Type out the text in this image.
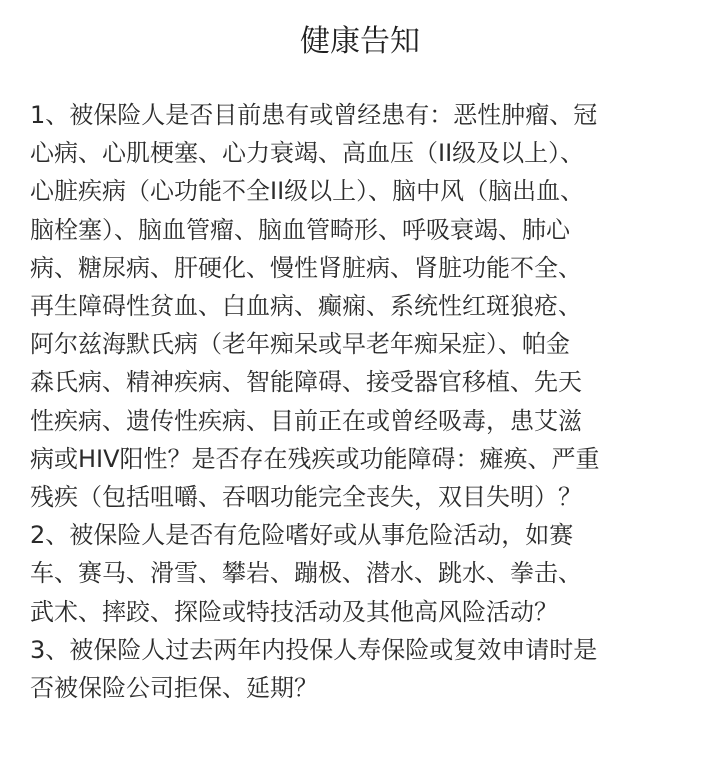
健康告知
1、被保险人是否目前患有或曾经患有：恶性肿瘤、冠
心病、心肌梗塞、心力衰竭、高血压（II级及以上）、
心脏疾病（心功能不全II级以上）、脑中风（脑出血、
脑栓塞）、脑血管瘤、脑血管畸形、呼吸衰竭、肺心
病、糖尿病、肝硬化、慢性肾脏病、肾脏功能不全、
再生障碍性贫血、白血病、癫痫、系统性红斑狼疮、
阿尔兹海默氏病（老年痴呆或早老年痴呆症）、帕金
森氏病、精神疾病、智能障碍、接受器官移植、先天
性疾病、遗传性疾病、目前正在或曾经吸毒，患艾滋
病或HIV阳性？是否存在残疾或功能障碍：瘫痪、严重
残疾（包括咀嚼、吞咽功能完全丧失，双目失明）？
2、被保险人是否有危险嗜好或从事危险活动，如赛
车、赛马、滑雪、攀岩、蹦极、潜水、跳水、拳击、
武术、摔跤、探险或特技活动及其他高风险活动？
3、被保险人过去两年内投保人寿保险或复效申请时是
否被保险公司拒保、延期？
